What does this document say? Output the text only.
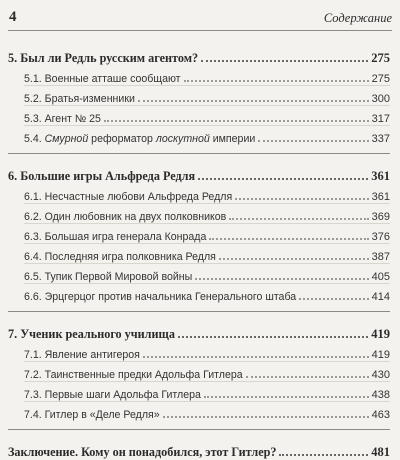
4	Содержание
5. Был ли Редль русским агентом?	275
5.1. Военные атташе сообщают	275
5.2. Братья-изменники	300
5.3. Агент № 25	317
5.4. Смурной реформатор лоскутной империи	337
6. Большие игры Альфреда Редля	361
6.1. Несчастные любови Альфреда Редля	361
6.2. Один любовник на двух полковников	369
6.3. Большая игра генерала Конрада	376
6.4. Последняя игра полковника Редля	387
6.5. Тупик Первой Мировой войны	405
6.6. Эрцгерцог против начальника Генерального штаба	414
7. Ученик реального училища	419
7.1. Явление антигероя	419
7.2. Таинственные предки Адольфа Гитлера	430
7.3. Первые шаги Адольфа Гитлера	438
7.4. Гитлер в «Деле Редля»	463
Заключение. Кому он понадобился, этот Гитлер?	481
